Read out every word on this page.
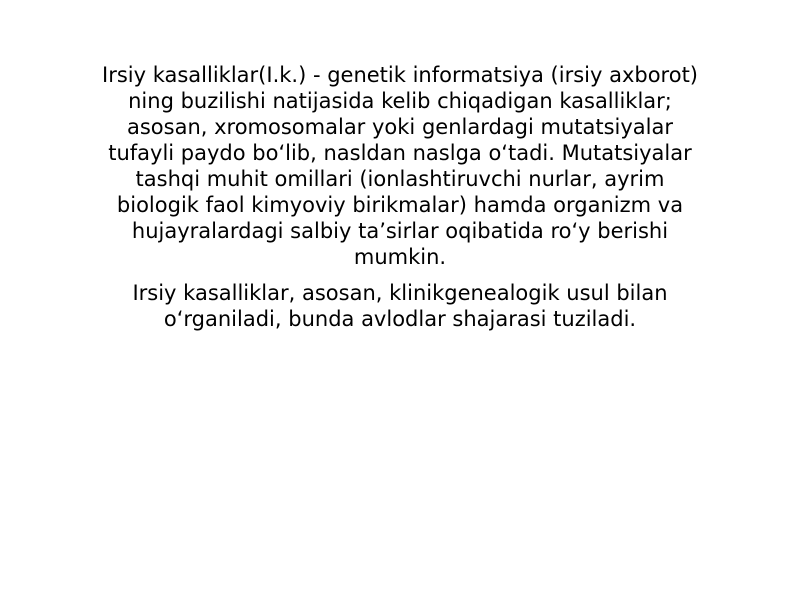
Irsiy kasalliklar(I.k.) - genetik informatsiya (irsiy axborot) ning buzilishi natijasida kelib chiqadigan kasalliklar; asosan, xromosomalar yoki genlardagi mutatsiyalar tufayli paydo bo‘lib, nasldan naslga o‘tadi. Mutatsiyalar tashqi muhit omillari (ionlashtiruvchi nurlar, ayrim biologik faol kimyoviy birikmalar) hamda organizm va hujayralardagi salbiy ta’sirlar oqibatida ro‘y berishi mumkin.

Irsiy kasalliklar, asosan, klinikgenealogik usul bilan o‘rganiladi, bunda avlodlar shajarasi tuziladi.
